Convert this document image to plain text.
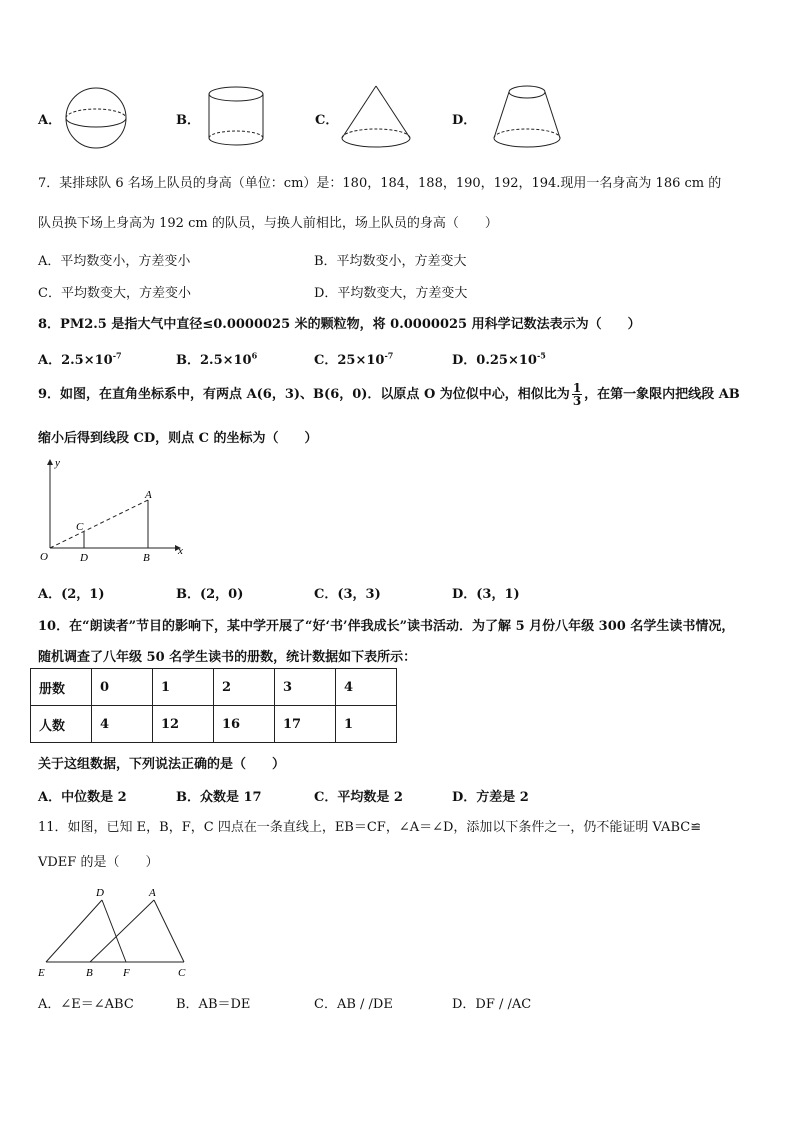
A．	B．	C．	D．
7．某排球队 6 名场上队员的身高（单位：cm）是：180，184，188，190，192，194.现用一名身高为 186 cm 的
队员换下场上身高为 192 cm 的队员，与换人前相比，场上队员的身高（　　）
A．平均数变小，方差变小	B．平均数变小，方差变大
C．平均数变大，方差变小	D．平均数变大，方差变大
8．PM2.5 是指大气中直径≤0.0000025 米的颗粒物，将 0.0000025 用科学记数法表示为（　　）
A．$2.5\times 10^{-7}$	B．$2.5\times 10^6$	C．$25\times 10^{-7}$	D．$0.25\times 10^{-5}$
9．如图，在直角坐标系中，有两点 A(6，3)、B(6，0)．以原点 O 为位似中心，相似比为 $\frac{1}{3}$ ，在第一象限内把线段 AB
缩小后得到线段 CD，则点 C 的坐标为（　　）
y
x
O
A
B
C
D
A．(2，1)	B．(2，0)	C．(3，3)	D．(3，1)
10．在“朗读者”节目的影响下，某中学开展了“好‘书’伴我成长”读书活动．为了解 5 月份八年级 300 名学生读书情况，
随机调查了八年级 50 名学生读书的册数，统计数据如下表所示：
册数	0	1	2	3	4
人数	4	12	16	17	1
关于这组数据，下列说法正确的是（　　）
A．中位数是 2	B．众数是 17	C．平均数是 2	D．方差是 2
11．如图，已知 E，B，F，C 四点在一条直线上，EB＝CF，∠A＝∠D，添加以下条件之一，仍不能证明 VABC≌
VDEF 的是（　　）
D	A
E	B	F	C
A．∠E＝∠ABC	B．AB＝DE	C．AB / /DE	D．DF / /AC
